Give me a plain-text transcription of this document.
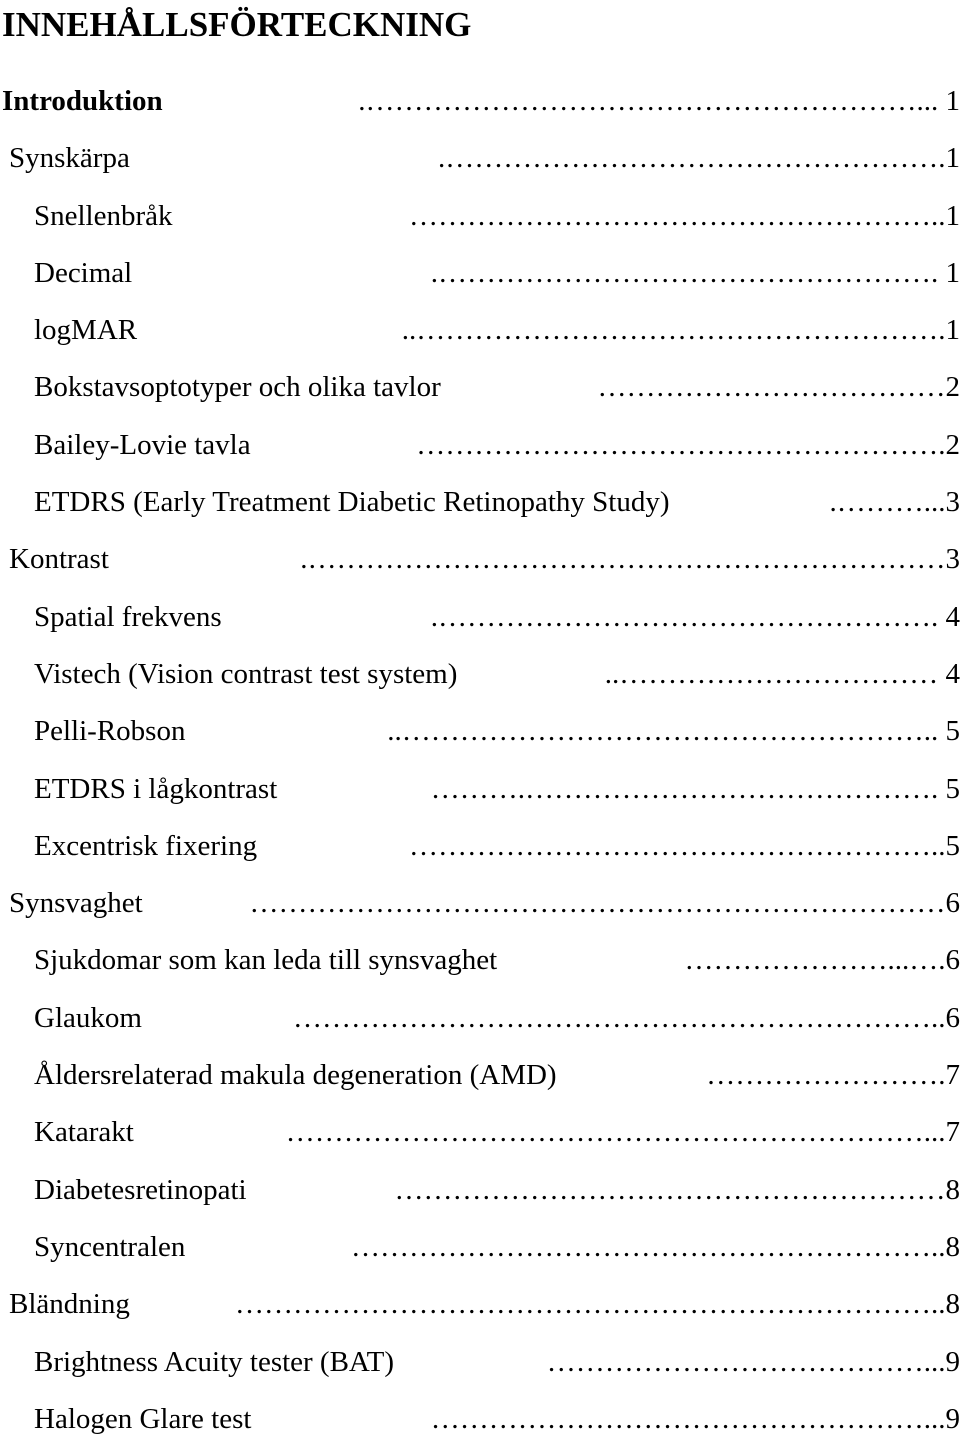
INNEHÅLLSFÖRTECKNING
.…………………………………………………... 1
Introduktion
.…………………………………………….1
Synskärpa
………………………………………………..1
Snellenbråk
.……………………………………………. 1
Decimal
..……………………………………………….1
logMAR
………………………………2
Bokstavsoptotyper och olika tavlor
……………………………………………….2
Bailey-Lovie tavla
.………...3
ETDRS (Early Treatment Diabetic Retinopathy Study)
.…………………………………………………………3
Kontrast
.……………………………………………. 4
Spatial frekvens
..…………………………… 4
Vistech (Vision contrast test system)
..……………………………………………….. 5
Pelli-Robson
……….……………………………………. 5
ETDRS i lågkontrast
………………………………………………..5
Excentrisk fixering
………………………………………………………………6
Synsvaghet
…………………...….6
Sjukdomar som kan leda till synsvaghet
…………………………………………………………..6
Glaukom
…………………….7
Åldersrelaterad makula degeneration (AMD)
…………………………………………………………...7
Katarakt
…………………………………………………8
Diabetesretinopati
……………………………………………………..8
Syncentralen
………………………………………………………………..8
Bländning
…………………………………...9
Brightness Acuity tester (BAT)
……………………………………………...9
Halogen Glare test
